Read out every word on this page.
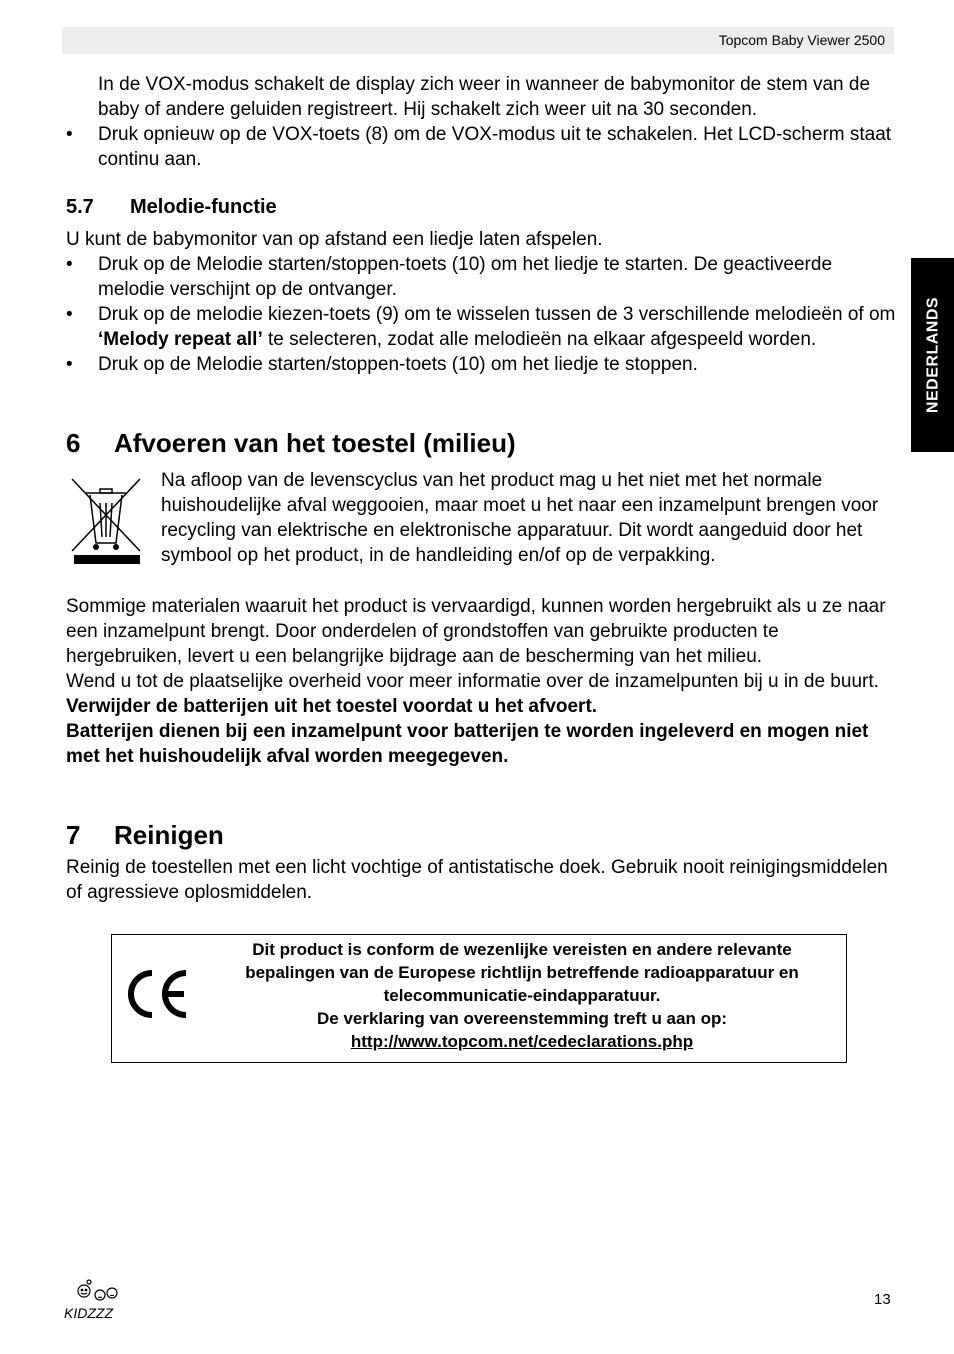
Topcom Baby Viewer 2500
NEDERLANDS

In de VOX-modus schakelt de display zich weer in wanneer de babymonitor de stem van de baby of andere geluiden registreert. Hij schakelt zich weer uit na 30 seconden.

• Druk opnieuw op de VOX-toets (8) om de VOX-modus uit te schakelen. Het LCD-scherm staat continu aan.
5.7	Melodie-functie

U kunt de babymonitor van op afstand een liedje laten afspelen.

• Druk op de Melodie starten/stoppen-toets (10) om het liedje te starten. De geactiveerde melodie verschijnt op de ontvanger.
• Druk op de melodie kiezen-toets (9) om te wisselen tussen de 3 verschillende melodieën of om ‘Melody repeat all’ te selecteren, zodat alle melodieën na elkaar afgespeeld worden.
• Druk op de Melodie starten/stoppen-toets (10) om het liedje te stoppen.
6	Afvoeren van het toestel (milieu)

Na afloop van de levenscyclus van het product mag u het niet met het normale huishoudelijke afval weggooien, maar moet u het naar een inzamelpunt brengen voor recycling van elektrische en elektronische apparatuur. Dit wordt aangeduid door het symbool op het product, in de handleiding en/of op de verpakking.

Sommige materialen waaruit het product is vervaardigd, kunnen worden hergebruikt als u ze naar een inzamelpunt brengt. Door onderdelen of grondstoffen van gebruikte producten te hergebruiken, levert u een belangrijke bijdrage aan de bescherming van het milieu.

Wend u tot de plaatselijke overheid voor meer informatie over de inzamelpunten bij u in de buurt.

Verwijder de batterijen uit het toestel voordat u het afvoert.

Batterijen dienen bij een inzamelpunt voor batterijen te worden ingeleverd en mogen niet met het huishoudelijk afval worden meegegeven.

7	Reinigen

Reinig de toestellen met een licht vochtige of antistatische doek. Gebruik nooit reinigingsmiddelen of agressieve oplosmiddelen.

Dit product is conform de wezenlijke vereisten en andere relevante bepalingen van de Europese richtlijn betreffende radioapparatuur en telecommunicatie-eindapparatuur.

De verklaring van overeenstemming treft u aan op:

http://www.topcom.net/cedeclarations.php

KIDZZZ
13
